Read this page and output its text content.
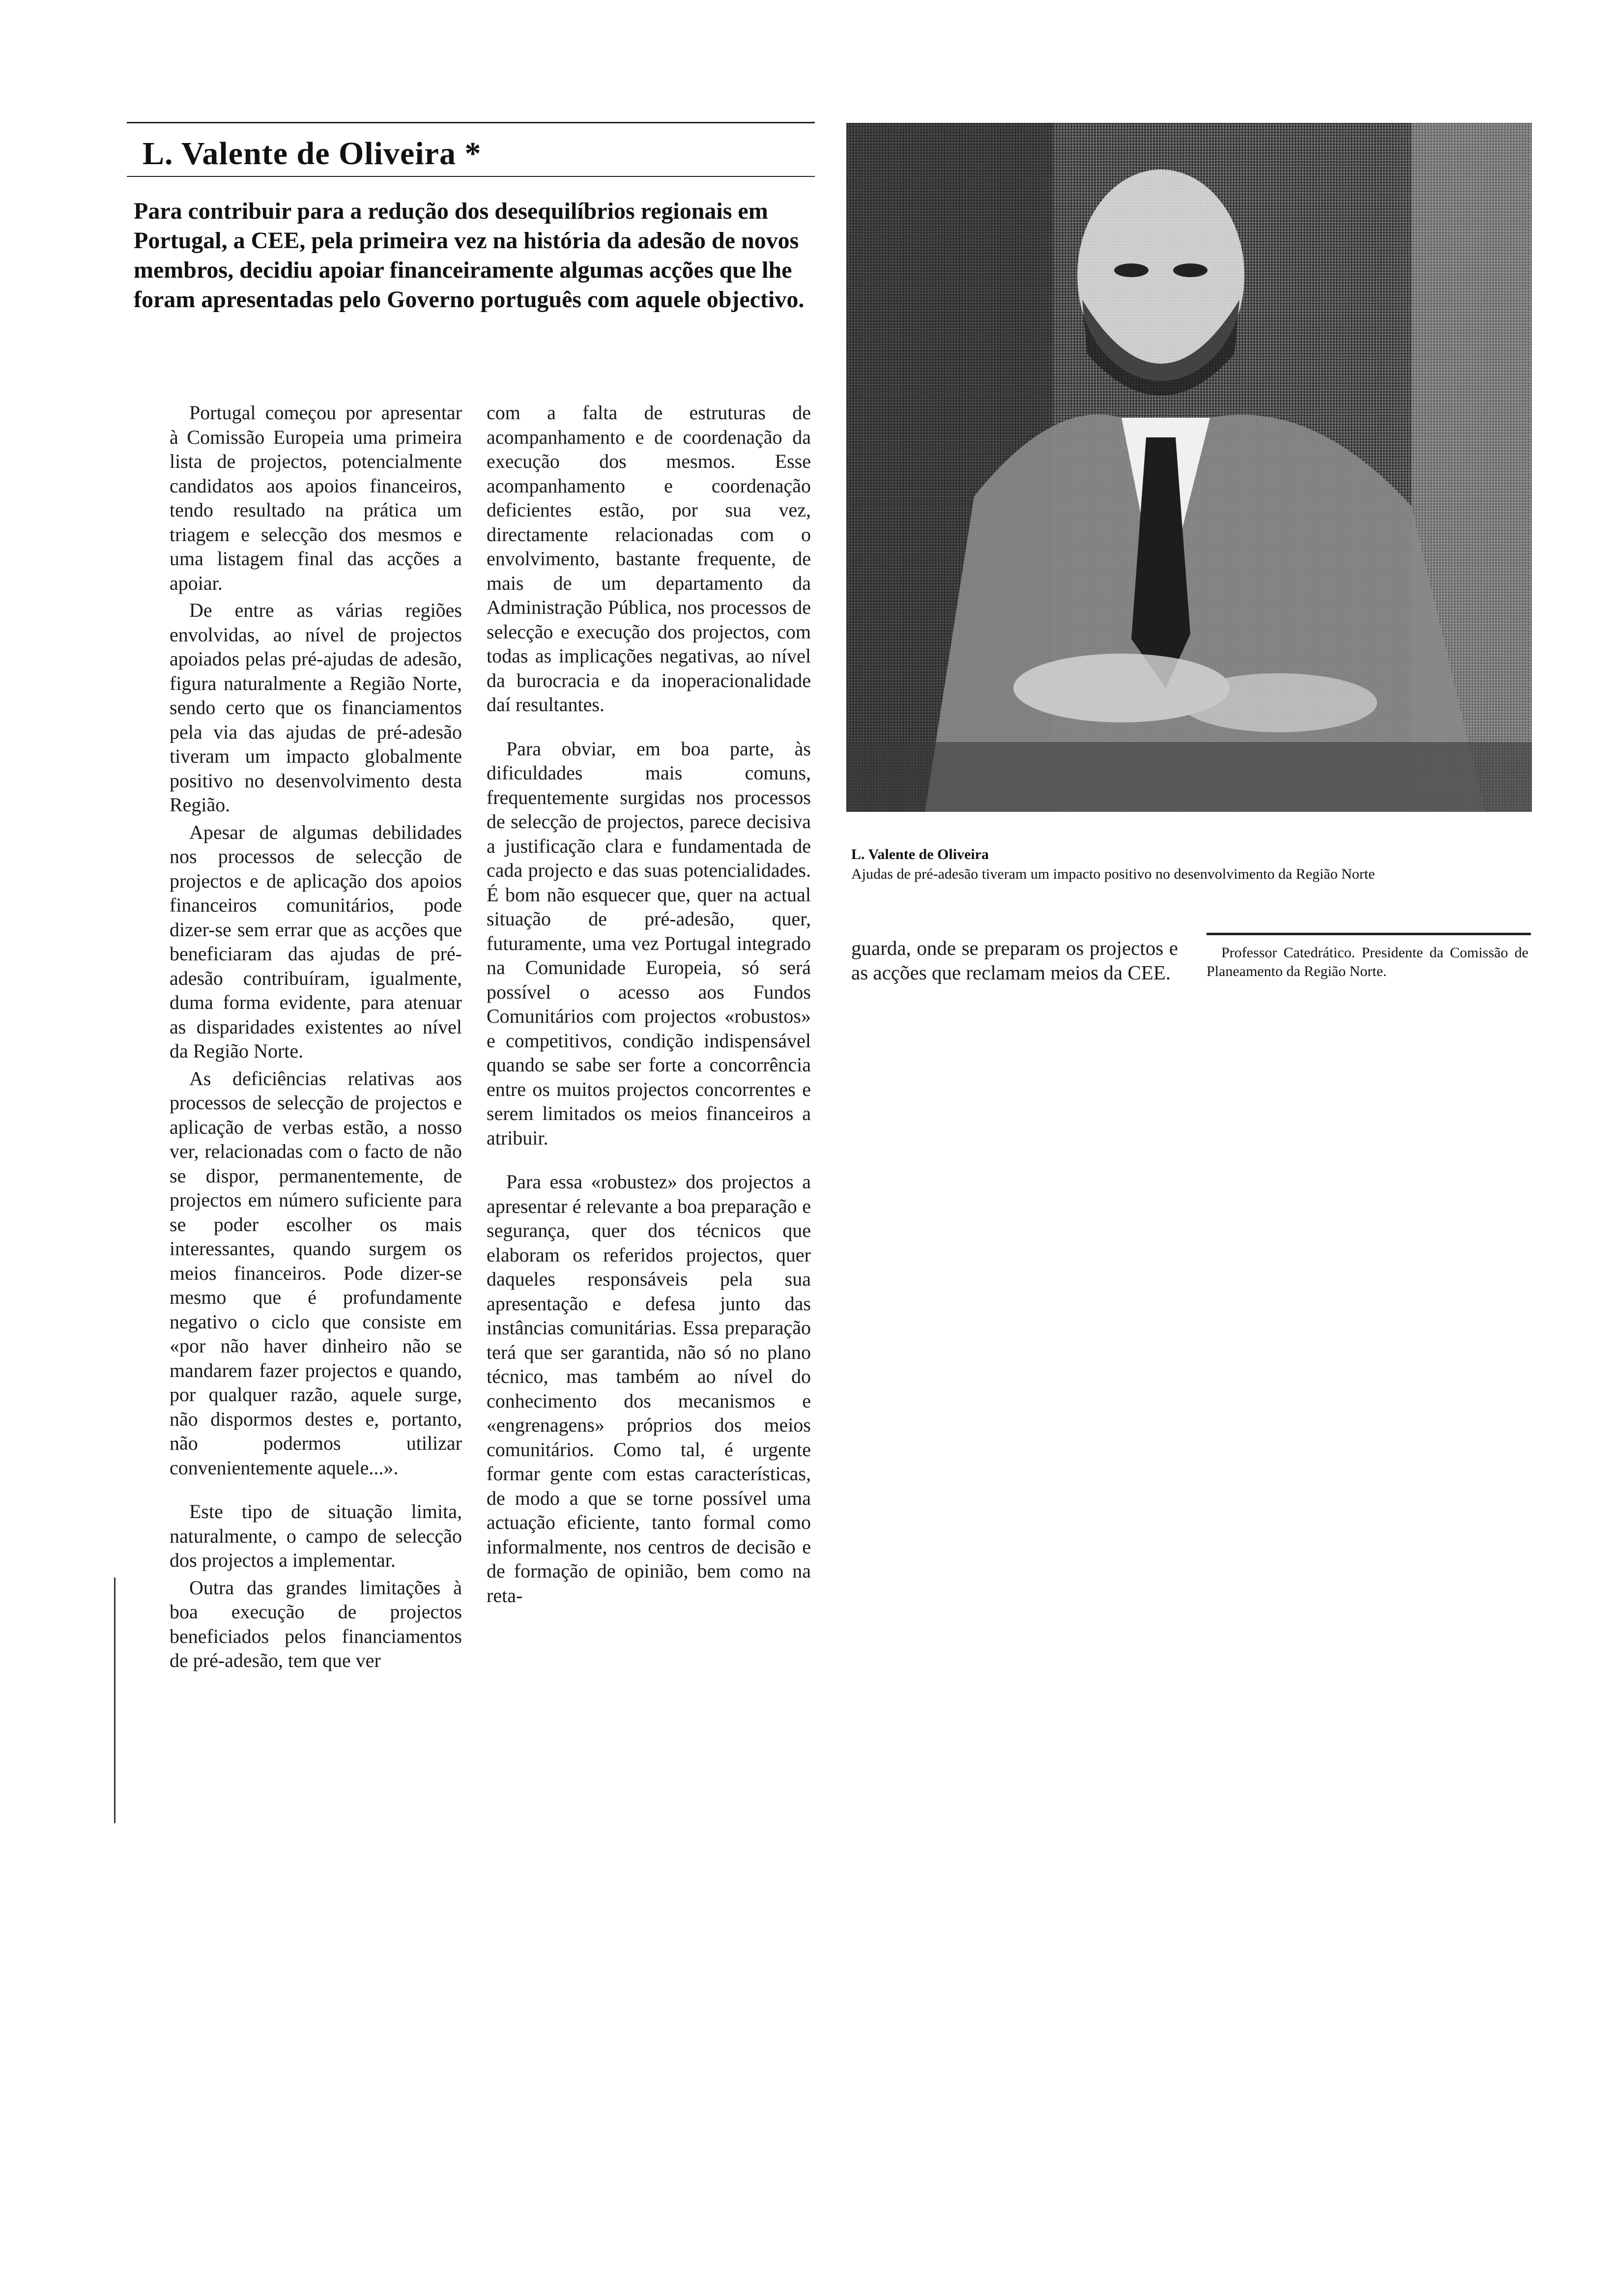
L. Valente de Oliveira *
Para contribuir para a redução dos desequilíbrios regionais em Portugal, a CEE, pela primeira vez na história da adesão de novos membros, decidiu apoiar financeiramente algumas acções que lhe foram apresentadas pelo Governo português com aquele objectivo.

Portugal começou por apresentar à Comissão Europeia uma primeira lista de projectos, potencialmente candidatos aos apoios financeiros, tendo resultado na prática um triagem e selecção dos mesmos e uma listagem final das acções a apoiar.

De entre as várias regiões envolvidas, ao nível de projectos apoiados pelas pré-ajudas de adesão, figura naturalmente a Região Norte, sendo certo que os financiamentos pela via das ajudas de pré-adesão tiveram um impacto globalmente positivo no desenvolvimento desta Região.

Apesar de algumas debilidades nos processos de selecção de projectos e de aplicação dos apoios financeiros comunitários, pode dizer-se sem errar que as acções que beneficiaram das ajudas de pré-adesão contribuíram, igualmente, duma forma evidente, para atenuar as disparidades existentes ao nível da Região Norte.

As deficiências relativas aos processos de selecção de projectos e aplicação de verbas estão, a nosso ver, relacionadas com o facto de não se dispor, permanentemente, de projectos em número suficiente para se poder escolher os mais interessantes, quando surgem os meios financeiros. Pode dizer-se mesmo que é profundamente negativo o ciclo que consiste em «por não haver dinheiro não se mandarem fazer projectos e quando, por qualquer razão, aquele surge, não dispormos destes e, portanto, não podermos utilizar convenientemente aquele...».

Este tipo de situação limita, naturalmente, o campo de selecção dos projectos a implementar.

Outra das grandes limitações à boa execução de projectos beneficiados pelos financiamentos de pré-adesão, tem que ver

com a falta de estruturas de acompanhamento e de coordenação da execução dos mesmos. Esse acompanhamento e coordenação deficientes estão, por sua vez, directamente relacionadas com o envolvimento, bastante frequente, de mais de um departamento da Administração Pública, nos processos de selecção e execução dos projectos, com todas as implicações negativas, ao nível da burocracia e da inoperacionalidade daí resultantes.

Para obviar, em boa parte, às dificuldades mais comuns, frequentemente surgidas nos processos de selecção de projectos, parece decisiva a justificação clara e fundamentada de cada projecto e das suas potencialidades. É bom não esquecer que, quer na actual situação de pré-adesão, quer, futuramente, uma vez Portugal integrado na Comunidade Europeia, só será possível o acesso aos Fundos Comunitários com projectos «robustos» e competitivos, condição indispensável quando se sabe ser forte a concorrência entre os muitos projectos concorrentes e serem limitados os meios financeiros a atribuir.

Para essa «robustez» dos projectos a apresentar é relevante a boa preparação e segurança, quer dos técnicos que elaboram os referidos projectos, quer daqueles responsáveis pela sua apresentação e defesa junto das instâncias comunitárias. Essa preparação terá que ser garantida, não só no plano técnico, mas também ao nível do conhecimento dos mecanismos e «engrenagens» próprios dos meios comunitários. Como tal, é urgente formar gente com estas características, de modo a que se torne possível uma actuação eficiente, tanto formal como informalmente, nos centros de decisão e de formação de opinião, bem como na reta-

L. Valente de Oliveira
Ajudas de pré-adesão tiveram um impacto positivo no desenvolvimento da Região Norte

guarda, onde se preparam os projectos e as acções que reclamam meios da CEE.

Professor Catedrático. Presidente da Comissão de Planeamento da Região Norte.
